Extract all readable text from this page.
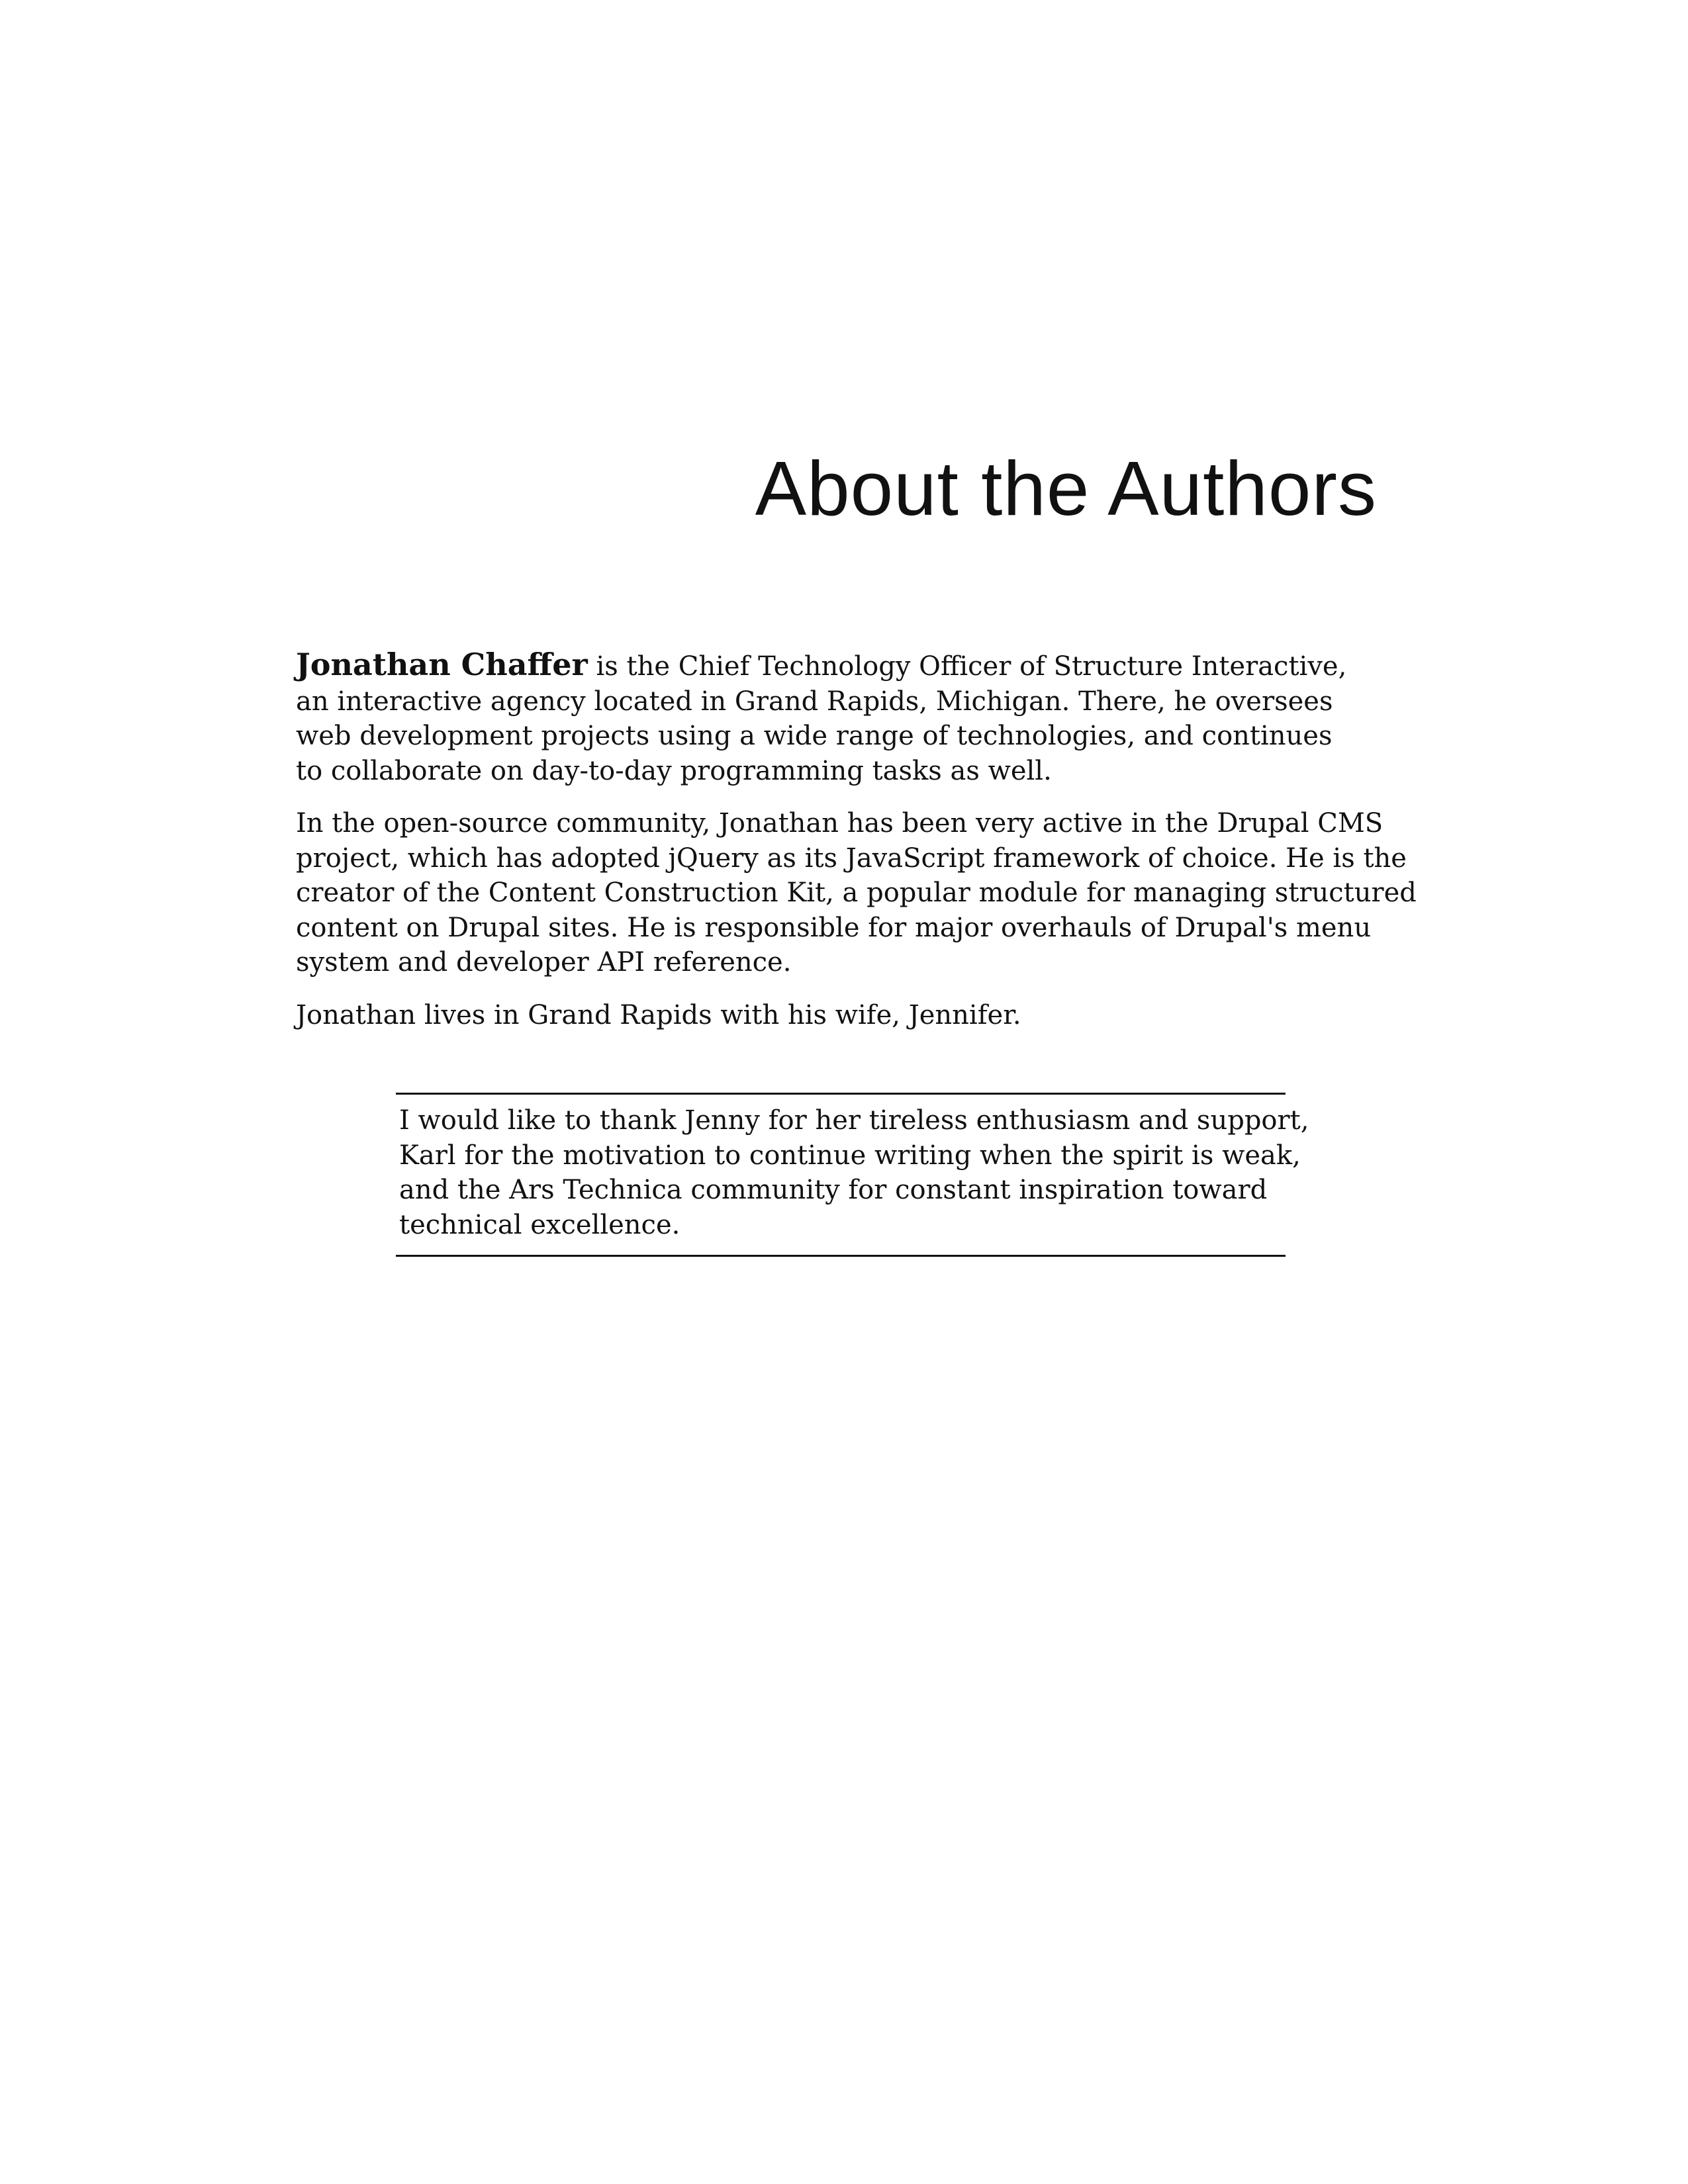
About the Authors

Jonathan Chaffer is the Chief Technology Officer of Structure Interactive,
an interactive agency located in Grand Rapids, Michigan. There, he oversees
web development projects using a wide range of technologies, and continues
to collaborate on day-to-day programming tasks as well.

In the open-source community, Jonathan has been very active in the Drupal CMS
project, which has adopted jQuery as its JavaScript framework of choice. He is the
creator of the Content Construction Kit, a popular module for managing structured
content on Drupal sites. He is responsible for major overhauls of Drupal's menu
system and developer API reference.

Jonathan lives in Grand Rapids with his wife, Jennifer.

I would like to thank Jenny for her tireless enthusiasm and support,
Karl for the motivation to continue writing when the spirit is weak,
and the Ars Technica community for constant inspiration toward
technical excellence.
